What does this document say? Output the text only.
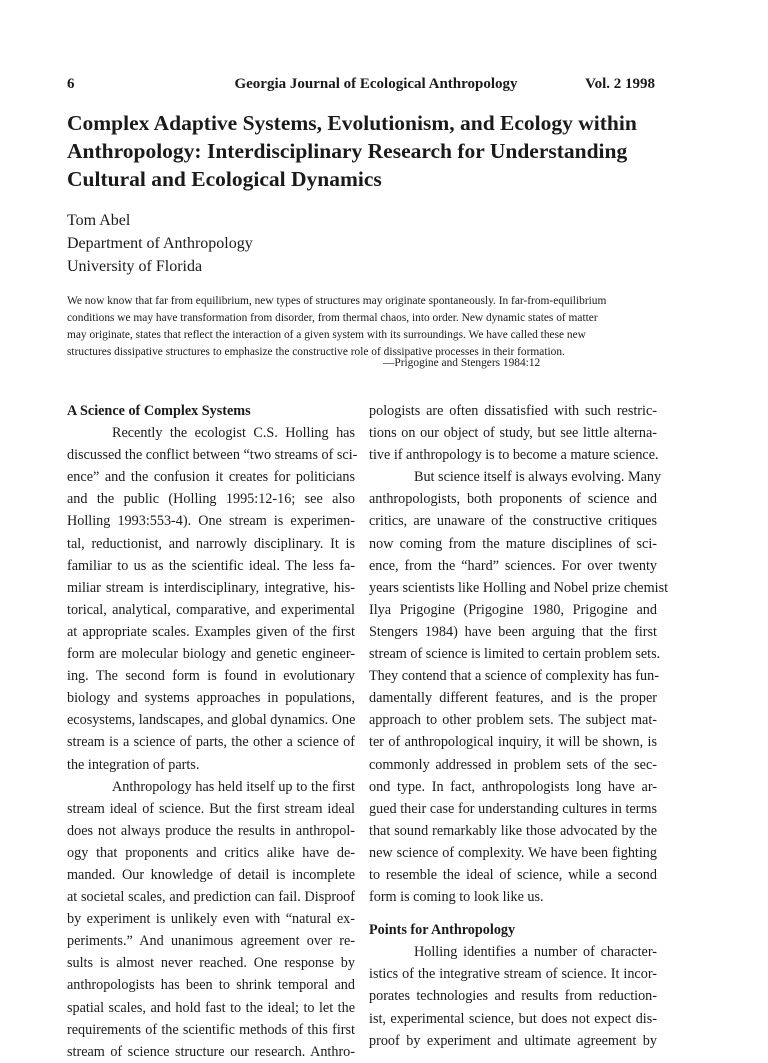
6	Georgia Journal of Ecological Anthropology	Vol. 2 1998
Complex Adaptive Systems, Evolutionism, and Ecology within
Anthropology: Interdisciplinary Research for Understanding
Cultural and Ecological Dynamics
Tom Abel
Department of Anthropology
University of Florida
We now know that far from equilibrium, new types of structures may originate spontaneously. In far-from-equilibrium
conditions we may have transformation from disorder, from thermal chaos, into order. New dynamic states of matter
may originate, states that reflect the interaction of a given system with its surroundings. We have called these new
structures dissipative structures to emphasize the constructive role of dissipative processes in their formation.
—Prigogine and Stengers 1984:12
A Science of Complex Systems
Recently the ecologist C.S. Holling has
discussed the conflict between “two streams of sci-
ence” and the confusion it creates for politicians
and the public (Holling 1995:12-16; see also
Holling 1993:553-4). One stream is experimen-
tal, reductionist, and narrowly disciplinary. It is
familiar to us as the scientific ideal. The less fa-
miliar stream is interdisciplinary, integrative, his-
torical, analytical, comparative, and experimental
at appropriate scales. Examples given of the first
form are molecular biology and genetic engineer-
ing. The second form is found in evolutionary
biology and systems approaches in populations,
ecosystems, landscapes, and global dynamics. One
stream is a science of parts, the other a science of
the integration of parts.
Anthropology has held itself up to the first
stream ideal of science. But the first stream ideal
does not always produce the results in anthropol-
ogy that proponents and critics alike have de-
manded. Our knowledge of detail is incomplete
at societal scales, and prediction can fail. Disproof
by experiment is unlikely even with “natural ex-
periments.” And unanimous agreement over re-
sults is almost never reached. One response by
anthropologists has been to shrink temporal and
spatial scales, and hold fast to the ideal; to let the
requirements of the scientific methods of this first
stream of science structure our research. Anthro-
pologists are often dissatisfied with such restric-
tions on our object of study, but see little alterna-
tive if anthropology is to become a mature science.
But science itself is always evolving. Many
anthropologists, both proponents of science and
critics, are unaware of the constructive critiques
now coming from the mature disciplines of sci-
ence, from the “hard” sciences. For over twenty
years scientists like Holling and Nobel prize chemist
Ilya Prigogine (Prigogine 1980, Prigogine and
Stengers 1984) have been arguing that the first
stream of science is limited to certain problem sets.
They contend that a science of complexity has fun-
damentally different features, and is the proper
approach to other problem sets. The subject mat-
ter of anthropological inquiry, it will be shown, is
commonly addressed in problem sets of the sec-
ond type. In fact, anthropologists long have ar-
gued their case for understanding cultures in terms
that sound remarkably like those advocated by the
new science of complexity. We have been fighting
to resemble the ideal of science, while a second
form is coming to look like us.
Points for Anthropology
Holling identifies a number of character-
istics of the integrative stream of science. It incor-
porates technologies and results from reduction-
ist, experimental science, but does not expect dis-
proof by experiment and ultimate agreement by
